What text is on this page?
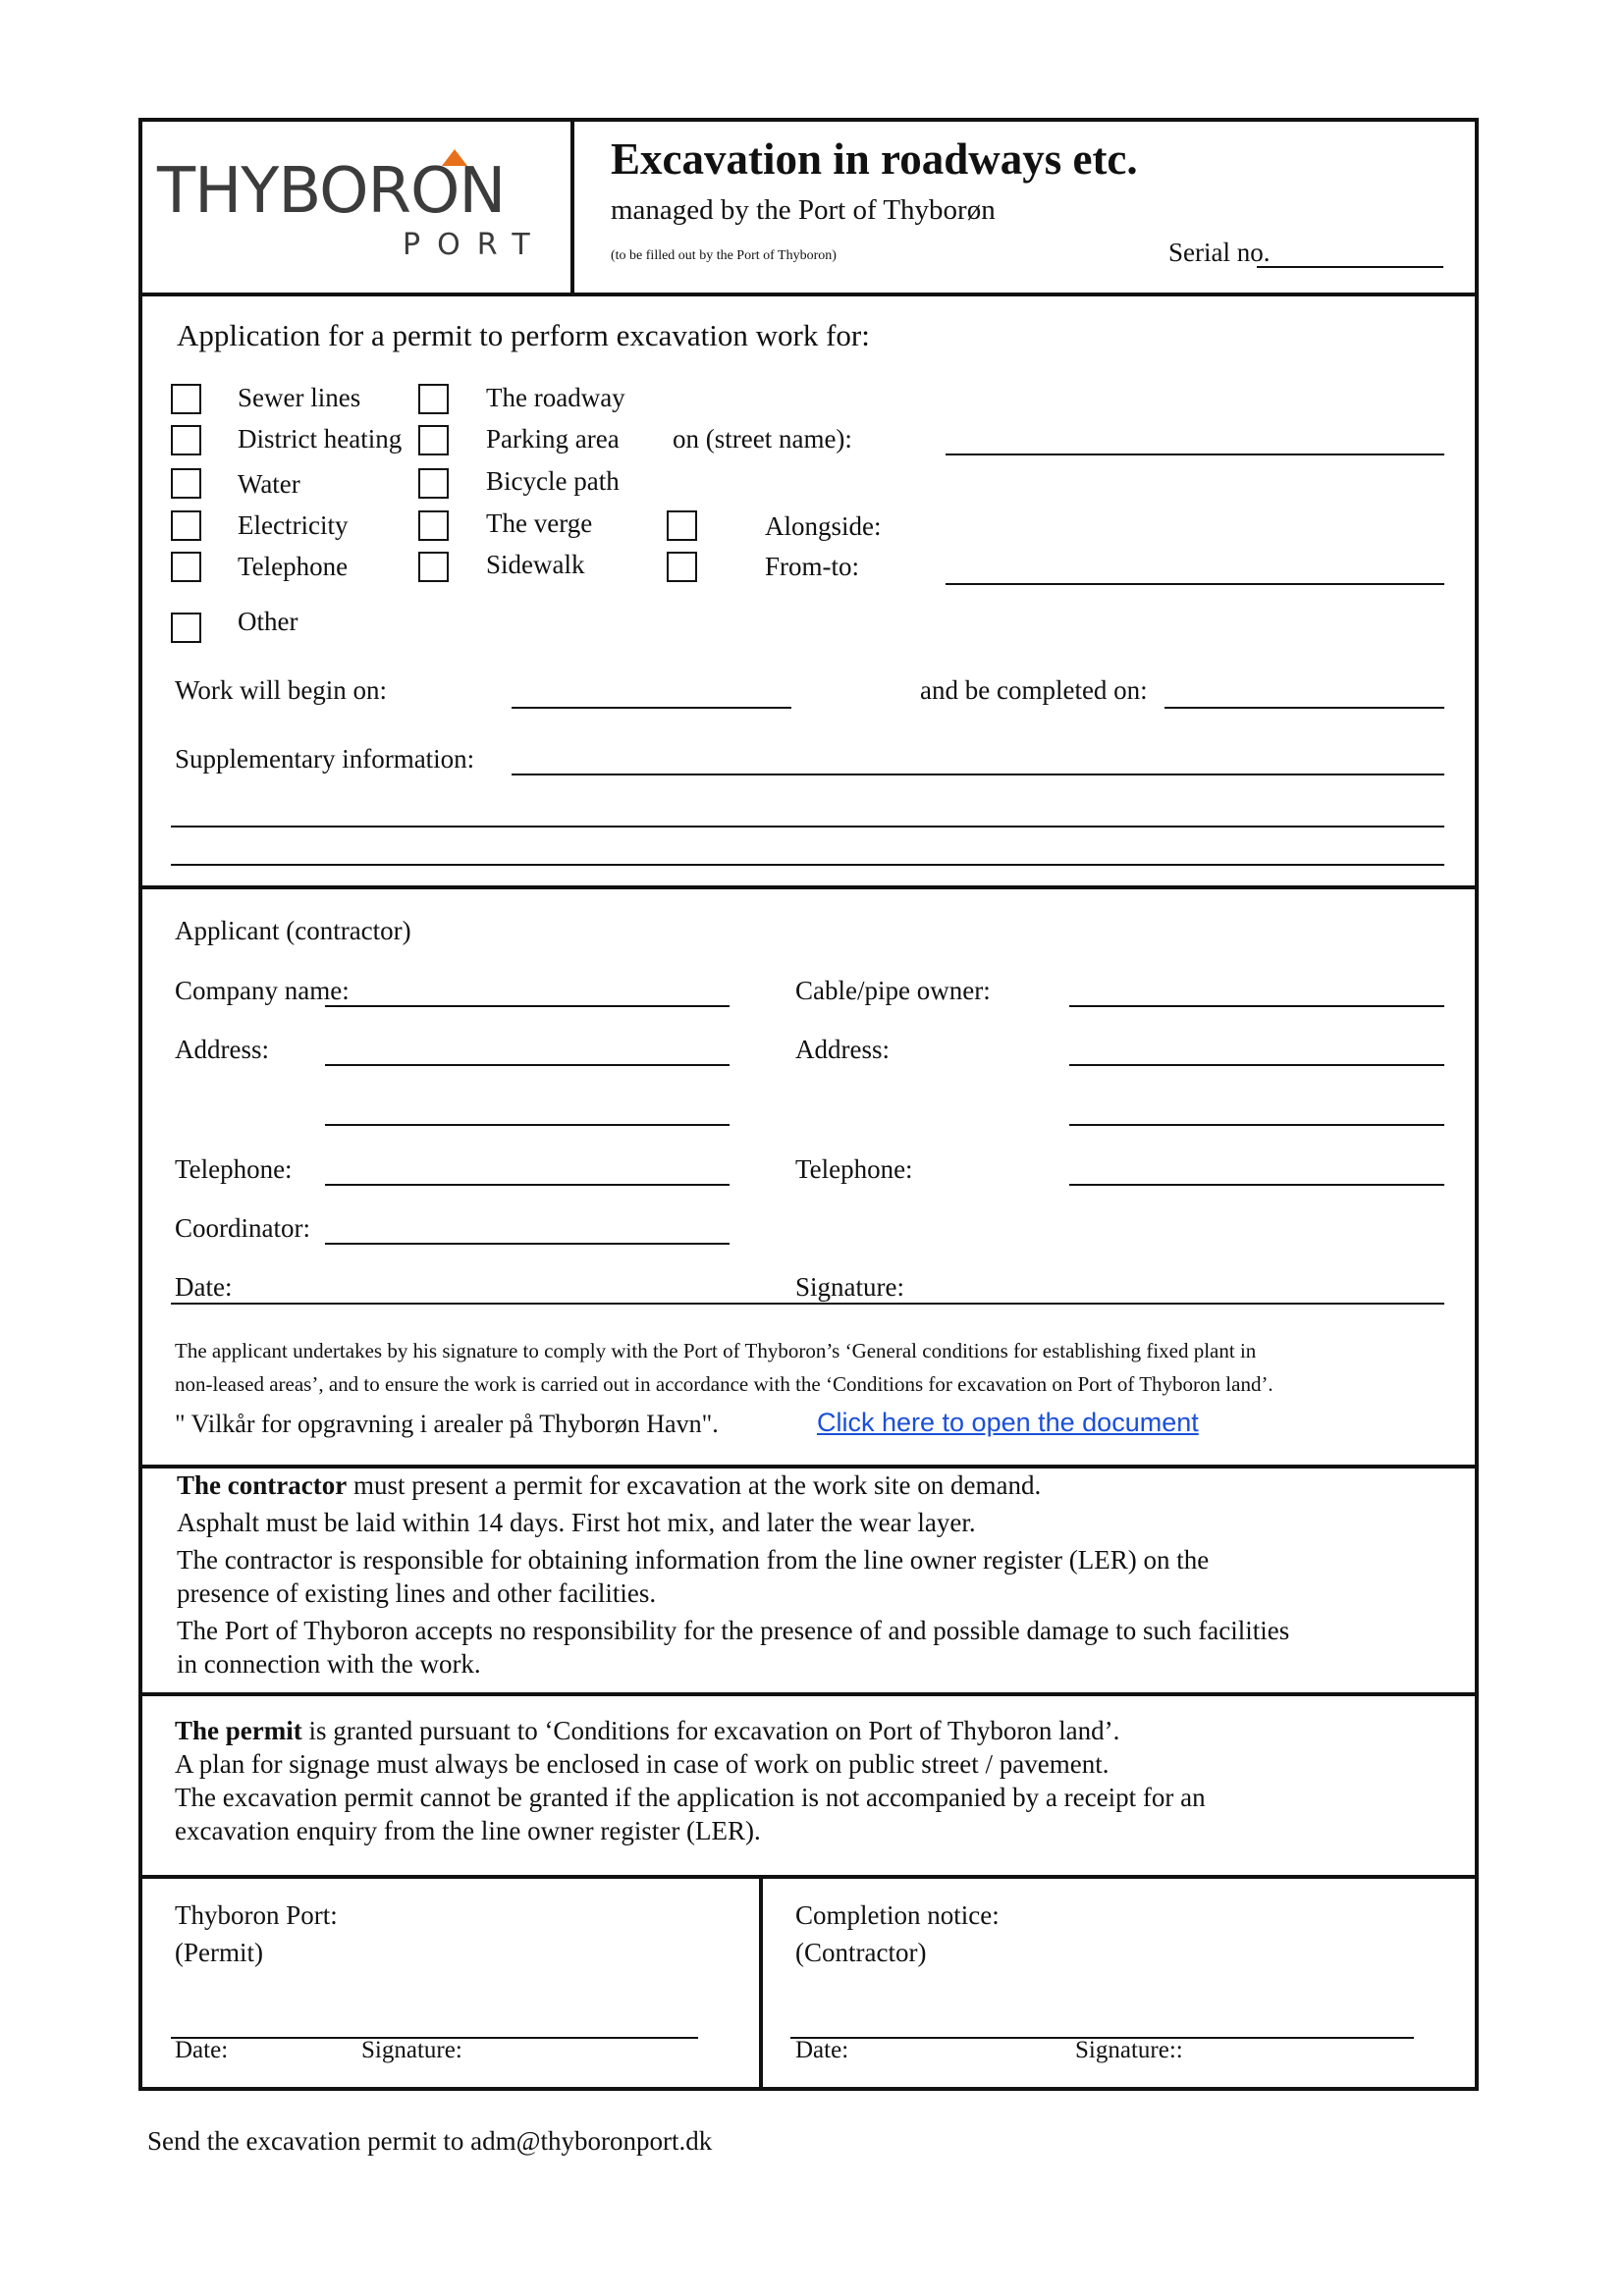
THYBORON
PORT
Excavation in roadways etc.
managed by the Port of Thyborøn
(to be filled out by the Port of Thyboron)	Serial no.
Application for a permit to perform excavation work for:
Sewer lines
District heating
Water
Electricity
Telephone
Other
The roadway
Parking area
Bicycle path
The verge
Sidewalk
on (street name):
Alongside:
From-to:
Work will begin on:	and be completed on:
Supplementary information:
Applicant (contractor)
Company name:
Address:
Telephone:
Coordinator:
Cable/pipe owner:
Address:
Telephone:
Date:	Signature:
The applicant undertakes by his signature to comply with the Port of Thyboron’s ‘General conditions for establishing fixed plant in
non-leased areas’, and to ensure the work is carried out in accordance with the ‘Conditions for excavation on Port of Thyboron land’.
" Vilkår for opgravning i arealer på Thyborøn Havn".	Click here to open the document
The contractor must present a permit for excavation at the work site on demand.
Asphalt must be laid within 14 days. First hot mix, and later the wear layer.
The contractor is responsible for obtaining information from the line owner register (LER) on the
presence of existing lines and other facilities.
The Port of Thyboron accepts no responsibility for the presence of and possible damage to such facilities
in connection with the work.
The permit is granted pursuant to ‘Conditions for excavation on Port of Thyboron land’.
A plan for signage must always be enclosed in case of work on public street / pavement.
The excavation permit cannot be granted if the application is not accompanied by a receipt for an
excavation enquiry from the line owner register (LER).
Thyboron Port:
(Permit)
Date:	Signature:
Completion notice:
(Contractor)
Date:	Signature::
Send the excavation permit to adm@thyboronport.dk
